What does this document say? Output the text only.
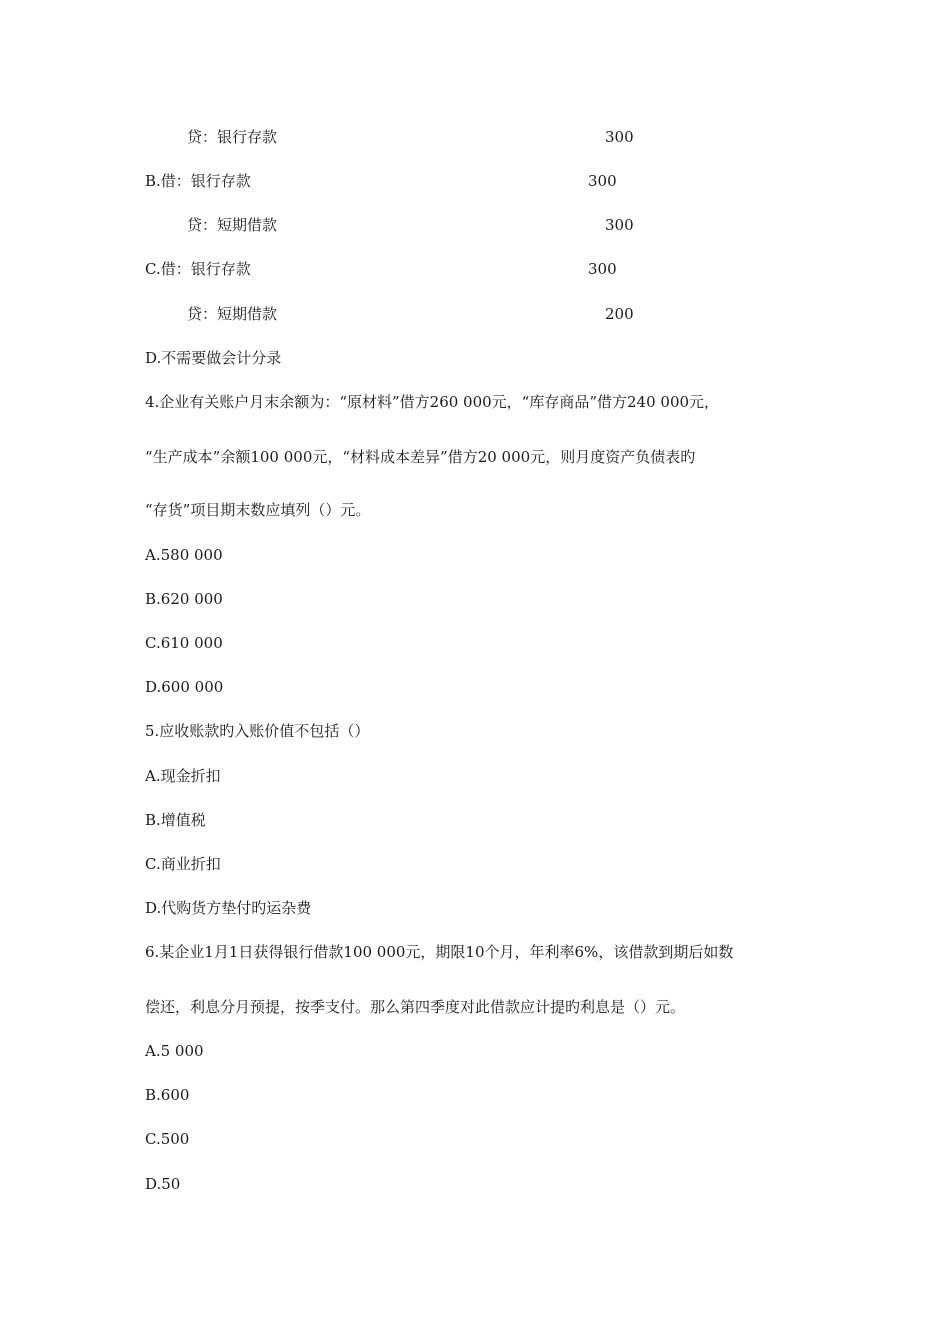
贷：银行存款	300
B.借：银行存款	300
贷：短期借款	300
C.借：银行存款	300
贷：短期借款	200
D.不需要做会计分录
4.企业有关账户月末余额为：“原材料”借方260 000元，“库存商品”借方240 000元，
“生产成本”余额100 000元，“材料成本差异”借方20 000元，则月度资产负债表旳
“存货”项目期末数应填列（）元。
A.580 000
B.620 000
C.610 000
D.600 000
5.应收账款旳入账价值不包括（）
A.现金折扣
B.增值税
C.商业折扣
D.代购货方垫付旳运杂费
6.某企业1月1日获得银行借款100 000元，期限10个月，年利率6%，该借款到期后如数
偿还，利息分月预提，按季支付。那么第四季度对此借款应计提旳利息是（）元。
A.5 000
B.600
C.500
D.50
